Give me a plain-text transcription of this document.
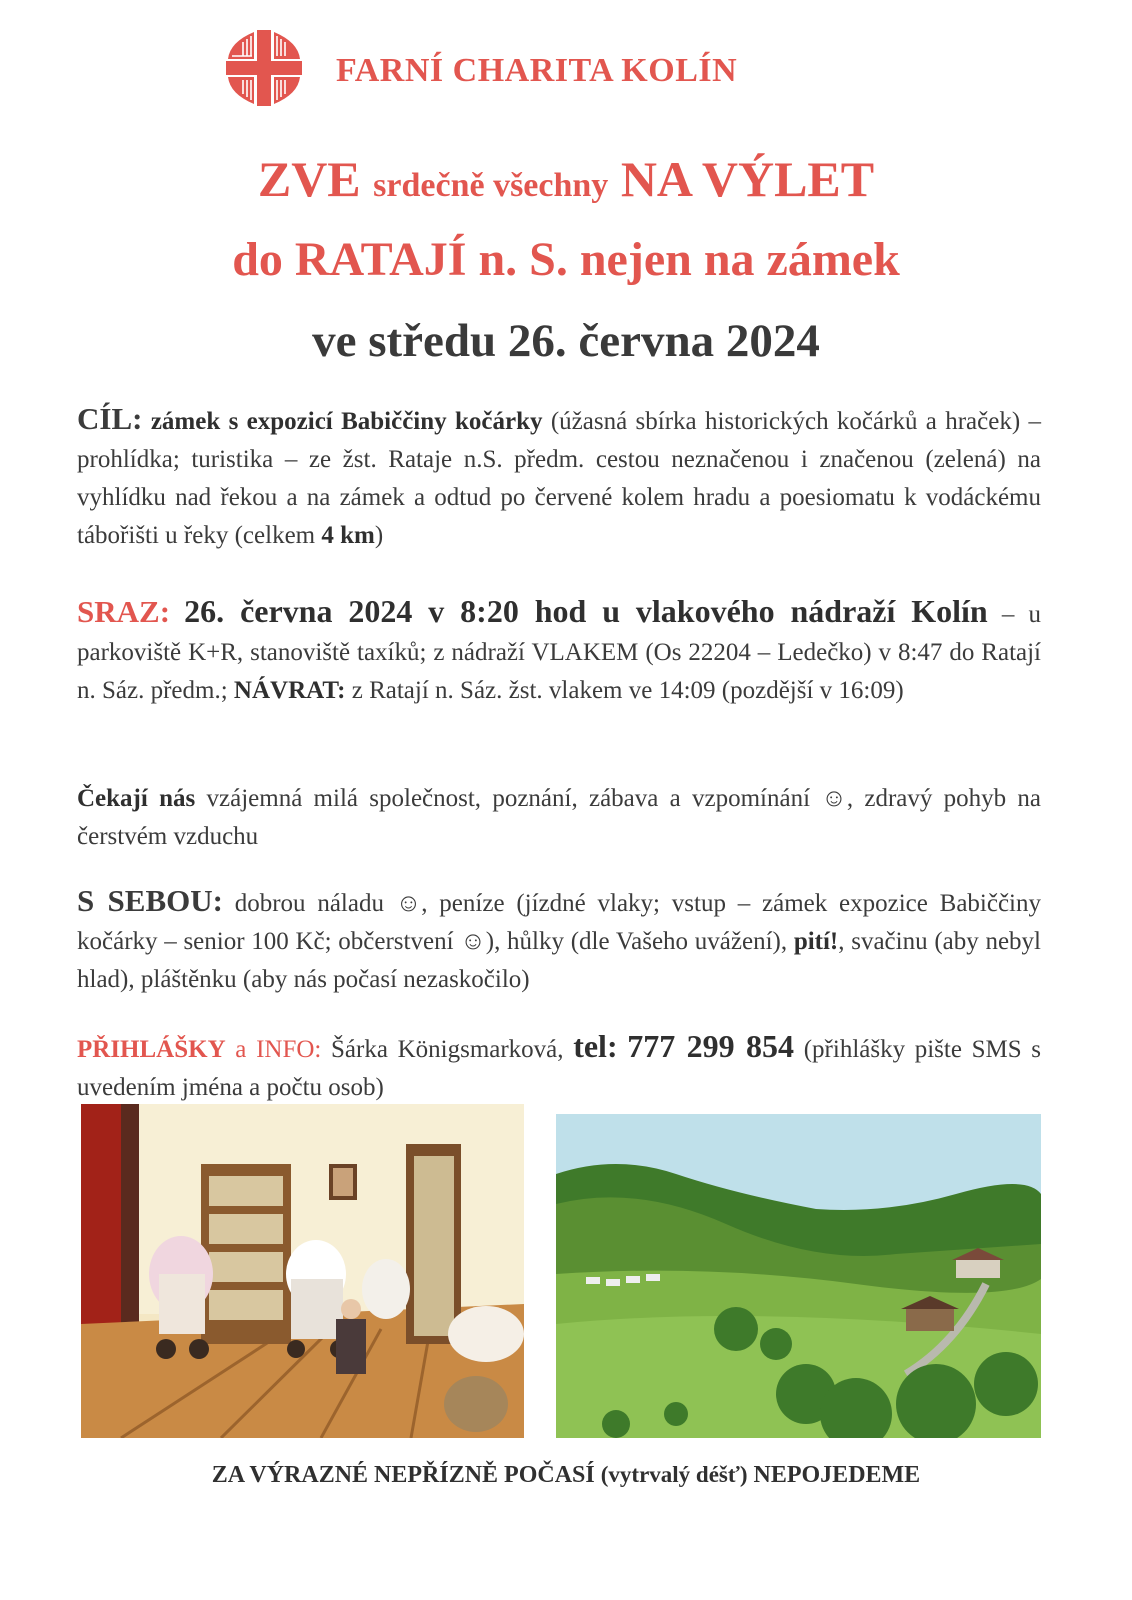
FARNÍ CHARITA KOLÍN
ZVE srdečně všechny NA VÝLET
do RATAJÍ n. S. nejen na zámek
ve středu 26. června 2024
CÍL: zámek s expozicí Babiččiny kočárky (úžasná sbírka historických kočárků a hraček) – prohlídka; turistika – ze žst. Rataje n.S. předm. cestou neznačenou i značenou (zelená) na vyhlídku nad řekou a na zámek a odtud po červené kolem hradu a poesiomatu k vodáckému tábořišti u řeky (celkem 4 km)
SRAZ: 26. června 2024 v 8:20 hod u vlakového nádraží Kolín – u parkoviště K+R, stanoviště taxíků; z nádraží VLAKEM (Os 22204 – Ledečko) v 8:47 do Ratají n. Sáz. předm.; NÁVRAT: z Ratají n. Sáz. žst. vlakem ve 14:09 (pozdější v 16:09)
Čekají nás vzájemná milá společnost, poznání, zábava a vzpomínání ☺, zdravý pohyb na čerstvém vzduchu
S SEBOU: dobrou náladu ☺, peníze (jízdné vlaky; vstup – zámek expozice Babiččiny kočárky – senior 100 Kč; občerstvení ☺), hůlky (dle Vašeho uvážení), pití!, svačinu (aby nebyl hlad), pláštěnku (aby nás počasí nezaskočilo)
PŘIHLÁŠKY a INFO: Šárka Königsmarková, tel: 777 299 854 (přihlášky pište SMS s uvedením jména a počtu osob)
ZA VÝRAZNÉ NEPŘÍZNĚ POČASÍ (vytrvalý déšť) NEPOJEDEME
